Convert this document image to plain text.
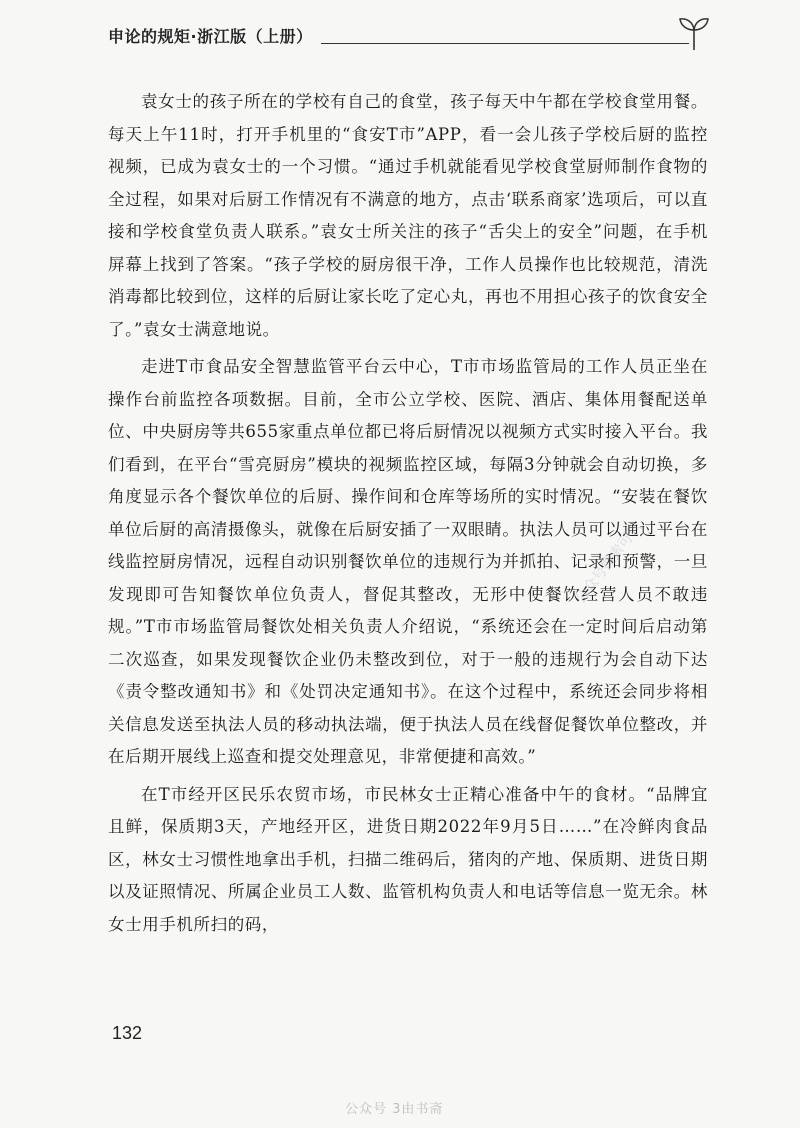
申论的规矩·浙江版（上册）

袁女士的孩子所在的学校有自己的食堂，孩子每天中午都在学校食堂用餐。每天上午11时，打开手机里的“食安T市”APP，看一会儿孩子学校后厨的监控视频，已成为袁女士的一个习惯。“通过手机就能看见学校食堂厨师制作食物的全过程，如果对后厨工作情况有不满意的地方，点击‘联系商家’选项后，可以直接和学校食堂负责人联系。”袁女士所关注的孩子“舌尖上的安全”问题，在手机屏幕上找到了答案。“孩子学校的厨房很干净，工作人员操作也比较规范，清洗消毒都比较到位，这样的后厨让家长吃了定心丸，再也不用担心孩子的饮食安全了。”袁女士满意地说。

走进T市食品安全智慧监管平台云中心，T市市场监管局的工作人员正坐在操作台前监控各项数据。目前，全市公立学校、医院、酒店、集体用餐配送单位、中央厨房等共655家重点单位都已将后厨情况以视频方式实时接入平台。我们看到，在平台“雪亮厨房”模块的视频监控区域，每隔3分钟就会自动切换，多角度显示各个餐饮单位的后厨、操作间和仓库等场所的实时情况。“安装在餐饮单位后厨的高清摄像头，就像在后厨安插了一双眼睛。执法人员可以通过平台在线监控厨房情况，远程自动识别餐饮单位的违规行为并抓拍、记录和预警，一旦发现即可告知餐饮单位负责人，督促其整改，无形中使餐饮经营人员不敢违规。”T市市场监管局餐饮处相关负责人介绍说，“系统还会在一定时间后启动第二次巡查，如果发现餐饮企业仍未整改到位，对于一般的违规行为会自动下达《责令整改通知书》和《处罚决定通知书》。在这个过程中，系统还会同步将相关信息发送至执法人员的移动执法端，便于执法人员在线督促餐饮单位整改，并在后期开展线上巡查和提交处理意见，非常便捷和高效。”

在T市经开区民乐农贸市场，市民林女士正精心准备中午的食材。“品牌宜且鲜，保质期3天，产地经开区，进货日期2022年9月5日……”在冷鲜肉食品区，林女士习惯性地拿出手机，扫描二维码后，猪肉的产地、保质期、进货日期以及证照情况、所属企业员工人数、监管机构负责人和电话等信息一览无余。林女士用手机所扫的码，

公众号搜索可以
132
公众号 3由书斋
